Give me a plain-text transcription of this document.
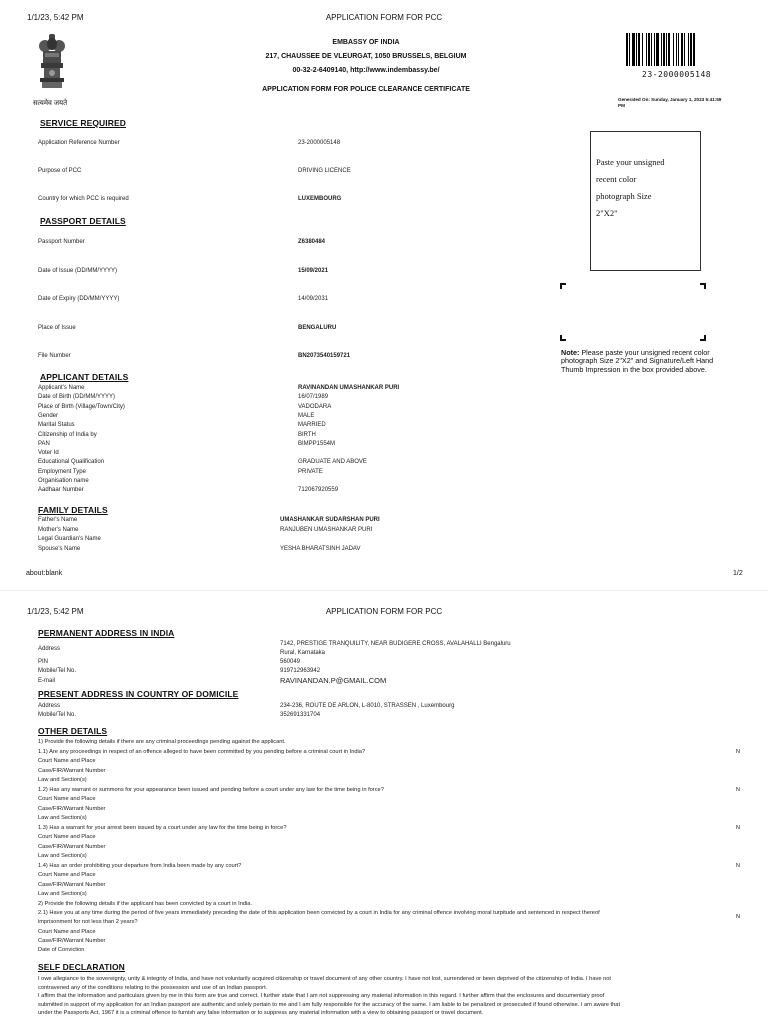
1/1/23, 5:42 PM	APPLICATION FORM FOR PCC
सत्यमेव जयते
EMBASSY OF INDIA
217, CHAUSSEE DE VLEURGAT, 1050 BRUSSELS, BELGIUM
00-32-2-6409140, http://www.indembassy.be/
APPLICATION FORM FOR POLICE CLEARANCE CERTIFICATE
23-2000005148
Generated On: Sunday, January 1, 2023 5:41:59 PM
SERVICE REQUIRED
Application Reference Number	23-2000005148
Purpose of PCC	DRIVING LICENCE
Country for which PCC is required	LUXEMBOURG
Paste your unsigned
recent color
photograph Size
2"X2"
Note: Please paste your unsigned recent color photograph Size 2"X2" and Signature/Left Hand Thumb Impression in the box provided above.
PASSPORT DETAILS
Passport Number	Z6380484
Date of Issue (DD/MM/YYYY)	15/09/2021
Date of Expiry (DD/MM/YYYY)	14/09/2031
Place of Issue	BENGALURU
File Number	BN2073540159721
APPLICANT DETAILS
Applicant's Name	RAVINANDAN UMASHANKAR PURI
Date of Birth (DD/MM/YYYY)	16/07/1989
Place of Birth (Village/Town/City)	VADODARA
Gender	MALE
Marital Status	MARRIED
Citizenship of India by	BIRTH
PAN	BIMPP1554M
Voter Id
Educational Qualification	GRADUATE AND ABOVE
Employment Type	PRIVATE
Organisation name
Aadhaar Number	712067920559
FAMILY DETAILS
Father's Name	UMASHANKAR SUDARSHAN PURI
Mother's Name	RANJUBEN UMASHANKAR PURI
Legal Guardian's Name
Spouse's Name	YESHA BHARATSINH JADAV
about:blank	1/2
1/1/23, 5:42 PM	APPLICATION FORM FOR PCC
PERMANENT ADDRESS IN INDIA
Address
7142, PRESTIGE TRANQUILITY, NEAR BUDIGERE CROSS, AVALAHALLI Bengaluru
Rural, Karnataka
PIN	560049
Mobile/Tel No.	919712963942
E-mail	RAVINANDAN.P@GMAIL.COM
PRESENT ADDRESS IN COUNTRY OF DOMICILE
Address	234-236, ROUTE DE ARLON, L-8010, STRASSEN , Luxembourg
Mobile/Tel No.	352691331704
OTHER DETAILS
1) Provide the following details if there are any criminal proceedings pending against the applicant.
1.1) Are any proceedings in respect of an offence alleged to have been committed by you pending before a criminal court in India?	N
Court Name and Place
Case/FIR/Warrant Number
Law and Section(s)
1.2) Has any warrant or summons for your appearance been issued and pending before a court under any law for the time being in force?	N
Court Name and Place
Case/FIR/Warrant Number
Law and Section(s)
1.3) Has a warrant for your arrest been issued by a court under any law for the time being in force?	N
Court Name and Place
Case/FIR/Warrant Number
Law and Section(s)
1.4) Has an order prohibiting your departure from India been made by any court?	N
Court Name and Place
Case/FIR/Warrant Number
Law and Section(s)
2) Provide the following details if the applicant has been convicted by a court in India.
2.1) Have you at any time during the period of five years immediately preceding the date of this application been convicted by a court in India for any criminal offence involving moral turpitude and sentenced in respect thereof
imprisonment for not less than 2 years?
N
Court Name and Place
Case/FIR/Warrant Number
Date of Conviction
SELF DECLARATION
I owe allegiance to the sovereignty, unity & integrity of India, and have not voluntarily acquired citizenship or travel document of any other country. I have not lost, surrendered or been deprived of the citizenship of India. I have not
contravened any of the conditions relating to the possession and use of an Indian passport.
I affirm that the information and particulars given by me in this form are true and correct. I further state that I am not suppressing any material information in this regard. I further affirm that the enclosures and documentary proof
submitted in support of my application for an Indian passport are authentic and solely pertain to me and I am fully responsible for the accuracy of the same. I am liable to be penalized or prosecuted if found otherwise. I am aware that
under the Passports Act, 1967 it is a criminal offence to furnish any false information or to suppress any material information with a view to obtaining passport or travel document.
